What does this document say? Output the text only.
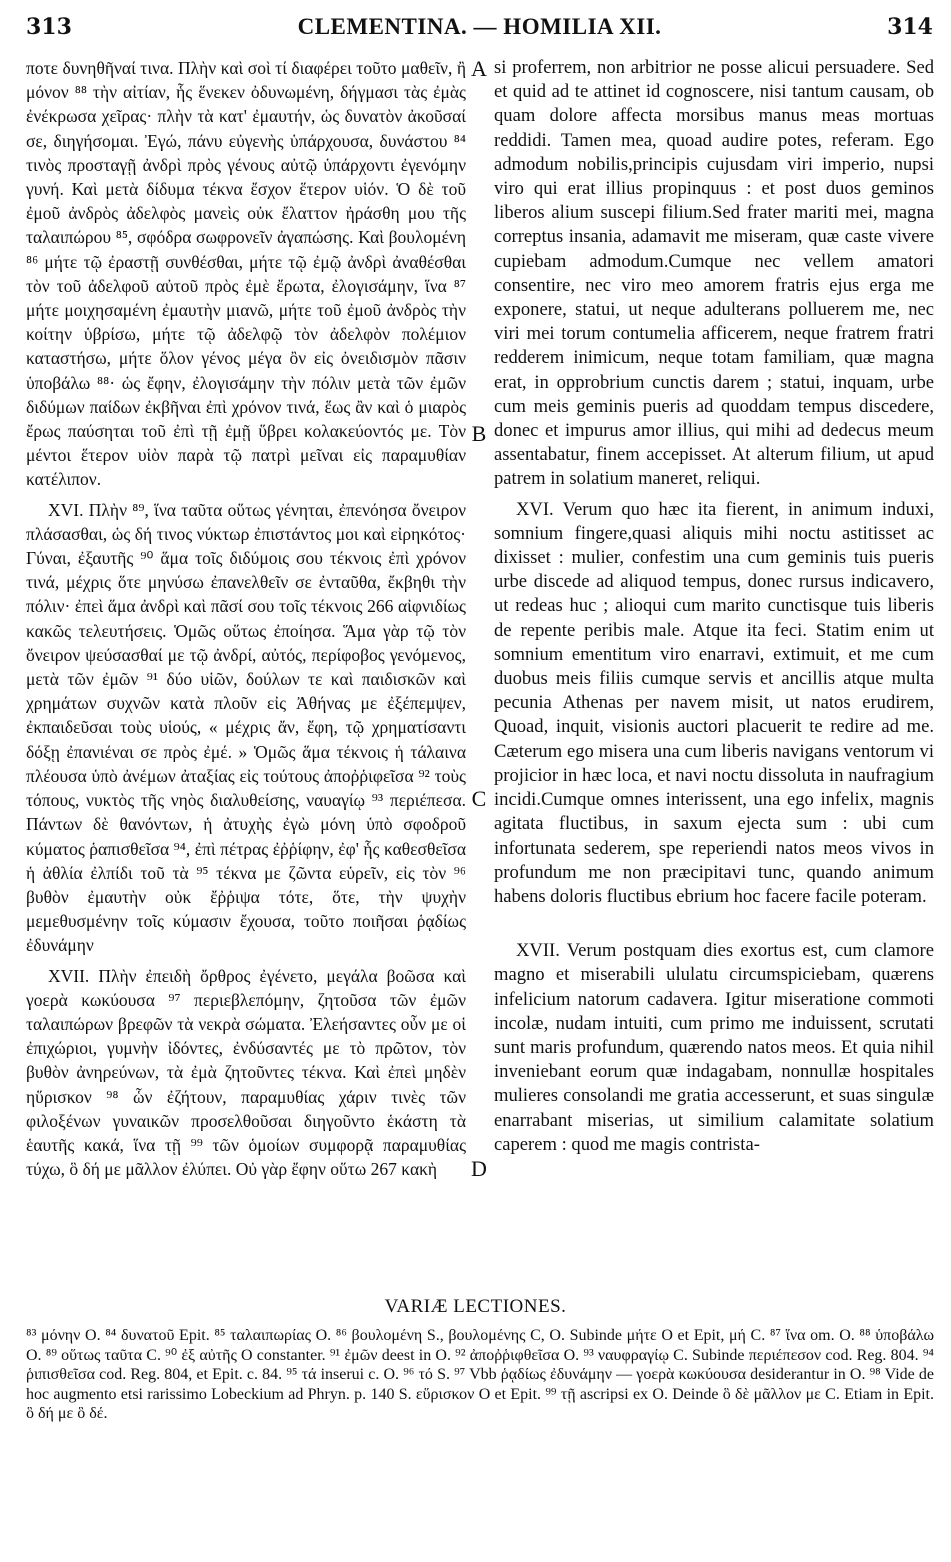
313	CLEMENTINA. — HOMILIA XII.	314

ποτε δυνηθῆναί τινα. Πλὴν καὶ σοὶ τί διαφέρει τοῦτο μαθεῖν, ἢ μόνον ⁸⁸ τὴν αἰτίαν, ἧς ἕνεκεν ὀδυνωμένη, δήγμασι τὰς ἐμὰς ἐνέκρωσα χεῖρας· πλὴν τὰ κατ' ἐμαυτήν, ὡς δυνατὸν ἀκοῦσαί σε, διηγήσομαι. Ἐγώ, πάνυ εὐγενὴς ὑπάρχουσα, δυνάστου ⁸⁴ τινὸς προσταγῇ ἀνδρὶ πρὸς γένους αὐτῷ ὑπάρχοντι ἐγενόμην γυνή. Καὶ μετὰ δίδυμα τέκνα ἔσχον ἕτερον υἱόν. Ὁ δὲ τοῦ ἐμοῦ ἀνδρὸς ἀδελφὸς μανεὶς οὐκ ἔλαττον ἠράσθη μου τῆς ταλαιπώρου ⁸⁵, σφόδρα σωφρονεῖν ἀγαπώσης. Καὶ βουλομένη ⁸⁶ μήτε τῷ ἐραστῇ συνθέσθαι, μήτε τῷ ἐμῷ ἀνδρὶ ἀναθέσθαι τὸν τοῦ ἀδελφοῦ αὐτοῦ πρὸς ἐμὲ ἔρωτα, ἐλογισάμην, ἵνα ⁸⁷ μήτε μοιχησαμένη ἐμαυτὴν μιανῶ, μήτε τοῦ ἐμοῦ ἀνδρὸς τὴν κοίτην ὑβρίσω, μήτε τῷ ἀδελφῷ τὸν ἀδελφὸν πολέμιον καταστήσω, μήτε ὅλον γένος μέγα ὂν εἰς ὀνειδισμὸν πᾶσιν ὑποβάλω ⁸⁸· ὡς ἔφην, ἐλογισάμην τὴν πόλιν μετὰ τῶν ἐμῶν διδύμων παίδων ἐκβῆναι ἐπὶ χρόνον τινά, ἕως ἂν καὶ ὁ μιαρὸς ἔρως παύσηται τοῦ ἐπὶ τῇ ἐμῇ ὕβρει κολακεύοντός με. Τὸν μέντοι ἕτερον υἱὸν παρὰ τῷ πατρὶ μεῖναι εἰς παραμυθίαν κατέλιπον.

XVI. Πλὴν ⁸⁹, ἵνα ταῦτα οὕτως γένηται, ἐπενόησα ὄνειρον πλάσασθαι, ὡς δή τινος νύκτωρ ἐπιστάντος μοι καὶ εἰρηκότος· Γύναι, ἐξαυτῆς ⁹⁰ ἅμα τοῖς διδύμοις σου τέκνοις ἐπὶ χρόνον τινά, μέχρις ὅτε μηνύσω ἐπανελθεῖν σε ἐνταῦθα, ἔκβηθι τὴν πόλιν· ἐπεὶ ἅμα ἀνδρὶ καὶ πᾶσί σου τοῖς τέκνοις 266 αἰφνιδίως κακῶς τελευτήσεις. Ὁμῶς οὕτως ἐποίησα. Ἅμα γὰρ τῷ τὸν ὄνειρον ψεύσασθαί με τῷ ἀνδρί, αὐτός, περίφοβος γενόμενος, μετὰ τῶν ἐμῶν ⁹¹ δύο υἱῶν, δούλων τε καὶ παιδισκῶν καὶ χρημάτων συχνῶν κατὰ πλοῦν εἰς Ἀθήνας με ἐξέπεμψεν, ἐκπαιδεῦσαι τοὺς υἱούς, « μέχρις ἄν, ἔφη, τῷ χρηματίσαντι δόξῃ ἐπανιέναι σε πρὸς ἐμέ. » Ὁμῶς ἅμα τέκνοις ἡ τάλαινα πλέουσα ὑπὸ ἀνέμων ἀταξίας εἰς τούτους ἀποῤῥιφεῖσα ⁹² τοὺς τόπους, νυκτὸς τῆς νηὸς διαλυθείσης, ναυαγίῳ ⁹³ περιέπεσα. Πάντων δὲ θανόντων, ἡ ἀτυχὴς ἐγὼ μόνη ὑπὸ σφοδροῦ κύματος ῥαπισθεῖσα ⁹⁴, ἐπὶ πέτρας ἐῤῥίφην, ἐφ' ἧς καθεσθεῖσα ἡ ἀθλία ἐλπίδι τοῦ τὰ ⁹⁵ τέκνα με ζῶντα εὑρεῖν, εἰς τὸν ⁹⁶ βυθὸν ἐμαυτὴν οὐκ ἔῤῥιψα τότε, ὅτε, τὴν ψυχὴν μεμεθυσμένην τοῖς κύμασιν ἔχουσα, τοῦτο ποιῆσαι ῥᾳδίως ἐδυνάμην

XVII. Πλὴν ἐπειδὴ ὄρθρος ἐγένετο, μεγάλα βοῶσα καὶ γοερὰ κωκύουσα ⁹⁷ περιεβλεπόμην, ζητοῦσα τῶν ἐμῶν ταλαιπώρων βρεφῶν τὰ νεκρὰ σώματα. Ἐλεήσαντες οὖν με οἱ ἐπιχώριοι, γυμνὴν ἰδόντες, ἐνδύσαντές με τὸ πρῶτον, τὸν βυθὸν ἀνηρεύνων, τὰ ἐμὰ ζητοῦντες τέκνα. Καὶ ἐπεὶ μηδὲν ηὕρισκον ⁹⁸ ὧν ἐζήτουν, παραμυθίας χάριν τινὲς τῶν φιλοξένων γυναικῶν προσελθοῦσαι διηγοῦντο ἑκάστη τὰ ἑαυτῆς κακά, ἵνα τῇ ⁹⁹ τῶν ὁμοίων συμφορᾷ παραμυθίας τύχω, ὃ δή με μᾶλλον ἐλύπει. Οὐ γὰρ ἔφην οὕτω 267 κακὴ

A
B
C
D

si proferrem, non arbitrior ne posse alicui persuadere. Sed et quid ad te attinet id cognoscere, nisi tantum causam, ob quam dolore affecta morsibus manus meas mortuas reddidi. Tamen mea, quoad audire potes, referam. Ego admodum nobilis,principis cujusdam viri imperio, nupsi viro qui erat illius propinquus : et post duos geminos liberos alium suscepi filium.Sed frater mariti mei, magna correptus insania, adamavit me miseram, quæ caste vivere cupiebam admodum.Cumque nec vellem amatori consentire, nec viro meo amorem fratris ejus erga me exponere, statui, ut neque adulterans polluerem me, nec viri mei torum contumelia afficerem, neque fratrem fratri redderem inimicum, neque totam familiam, quæ magna erat, in opprobrium cunctis darem ; statui, inquam, urbe cum meis geminis pueris ad quoddam tempus discedere, donec et impurus amor illius, qui mihi ad dedecus meum assentabatur, finem accepisset. At alterum filium, ut apud patrem in solatium maneret, reliqui.

XVI. Verum quo hæc ita fierent, in animum induxi, somnium fingere,quasi aliquis mihi noctu astitisset ac dixisset : mulier, confestim una cum geminis tuis pueris urbe discede ad aliquod tempus, donec rursus indicavero, ut redeas huc ; alioqui cum marito cunctisque tuis liberis de repente peribis male. Atque ita feci. Statim enim ut somnium ementitum viro enarravi, extimuit, et me cum duobus meis filiis cumque servis et ancillis atque multa pecunia Athenas per navem misit, ut natos erudirem, Quoad, inquit, visionis auctori placuerit te redire ad me. Cæterum ego misera una cum liberis navigans ventorum vi projicior in hæc loca, et navi noctu dissoluta in naufragium incidi.Cumque omnes interissent, una ego infelix, magnis agitata fluctibus, in saxum ejecta sum : ubi cum infortunata sederem, spe reperiendi natos meos vivos in profundum me non præcipitavi tunc, quando animum habens doloris fluctibus ebrium hoc facere facile poteram.

XVII. Verum postquam dies exortus est, cum clamore magno et miserabili ululatu circumspiciebam, quærens infelicium natorum cadavera. Igitur miseratione commoti incolæ, nudam intuiti, cum primo me induissent, scrutati sunt maris profundum, quærendo natos meos. Et quia nihil inveniebant eorum quæ indagabam, nonnullæ hospitales mulieres consolandi me gratia accesserunt, et suas singulæ enarrabant miserias, ut similium calamitate solatium caperem : quod me magis contrista-

VARIÆ LECTIONES.
⁸³ μόνην O. ⁸⁴ δυνατοῦ Epit. ⁸⁵ ταλαιπωρίας O. ⁸⁶ βουλομένη S., βουλομένης C, O. Subinde μήτε O et Epit, μή C. ⁸⁷ ἵνα om. O. ⁸⁸ ὑποβάλω O. ⁸⁹ οὕτως ταῦτα C. ⁹⁰ ἐξ αὐτῆς O constanter. ⁹¹ ἐμῶν deest in O. ⁹² ἀποῤῥιφθεῖσα O. ⁹³ ναυφραγίῳ C. Subinde περιέπεσον cod. Reg. 804. ⁹⁴ ῥιπισθεῖσα cod. Reg. 804, et Epit. c. 84. ⁹⁵ τά inserui c. O. ⁹⁶ τό S. ⁹⁷ Vbb ῥᾳδίως ἐδυνάμην — γοερὰ κωκύουσα desiderantur in O. ⁹⁸ Vide de hoc augmento etsi rarissimo Lobeckium ad Phryn. p. 140 S. εὕρισκον O et Epit. ⁹⁹ τῇ ascripsi ex O. Deinde ὃ δὲ μᾶλλον με C. Etiam in Epit. ὃ δή με ὃ δέ.
